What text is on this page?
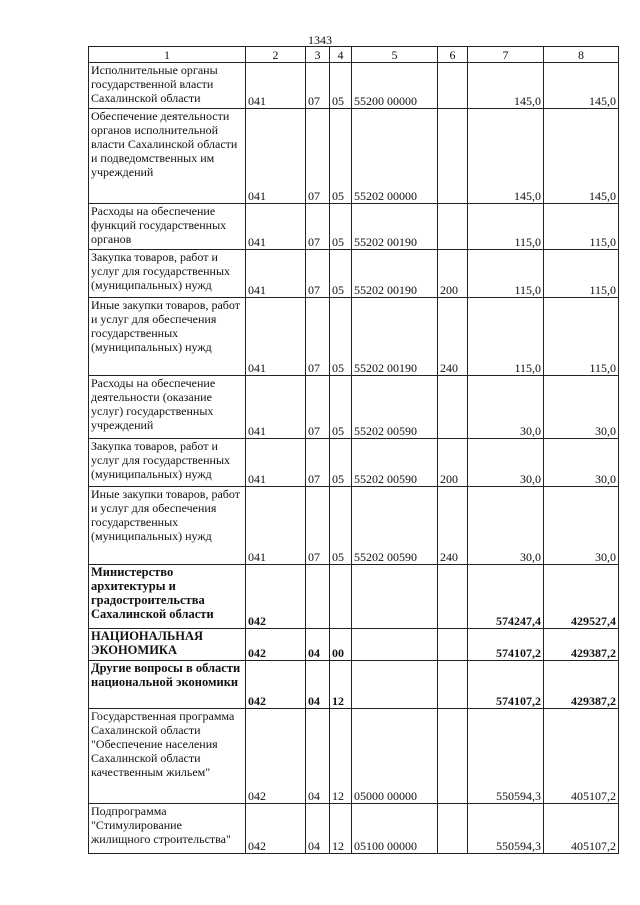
1343
1	2	3	4	5	6	7	8
Исполнительные органы государственной власти Сахалинской области	041	07	05	55200 00000		145,0	145,0
Обеспечение деятельности органов исполнительной власти Сахалинской области и подведомственных им учреждений	041	07	05	55202 00000		145,0	145,0
Расходы на обеспечение функций государственных органов	041	07	05	55202 00190		115,0	115,0
Закупка товаров, работ и услуг для государственных (муниципальных) нужд	041	07	05	55202 00190	200	115,0	115,0
Иные закупки товаров, работ и услуг для обеспечения государственных (муниципальных) нужд	041	07	05	55202 00190	240	115,0	115,0
Расходы на обеспечение деятельности (оказание услуг) государственных учреждений	041	07	05	55202 00590		30,0	30,0
Закупка товаров, работ и услуг для государственных (муниципальных) нужд	041	07	05	55202 00590	200	30,0	30,0
Иные закупки товаров, работ и услуг для обеспечения государственных (муниципальных) нужд	041	07	05	55202 00590	240	30,0	30,0
Министерство архитектуры и градостроительства Сахалинской области	042					574247,4	429527,4
НАЦИОНАЛЬНАЯ ЭКОНОМИКА	042	04	00			574107,2	429387,2
Другие вопросы в области национальной экономики	042	04	12			574107,2	429387,2
Государственная программа Сахалинской области "Обеспечение населения Сахалинской области качественным жильем"	042	04	12	05000 00000		550594,3	405107,2
Подпрограмма "Стимулирование жилищного строительства"	042	04	12	05100 00000		550594,3	405107,2
